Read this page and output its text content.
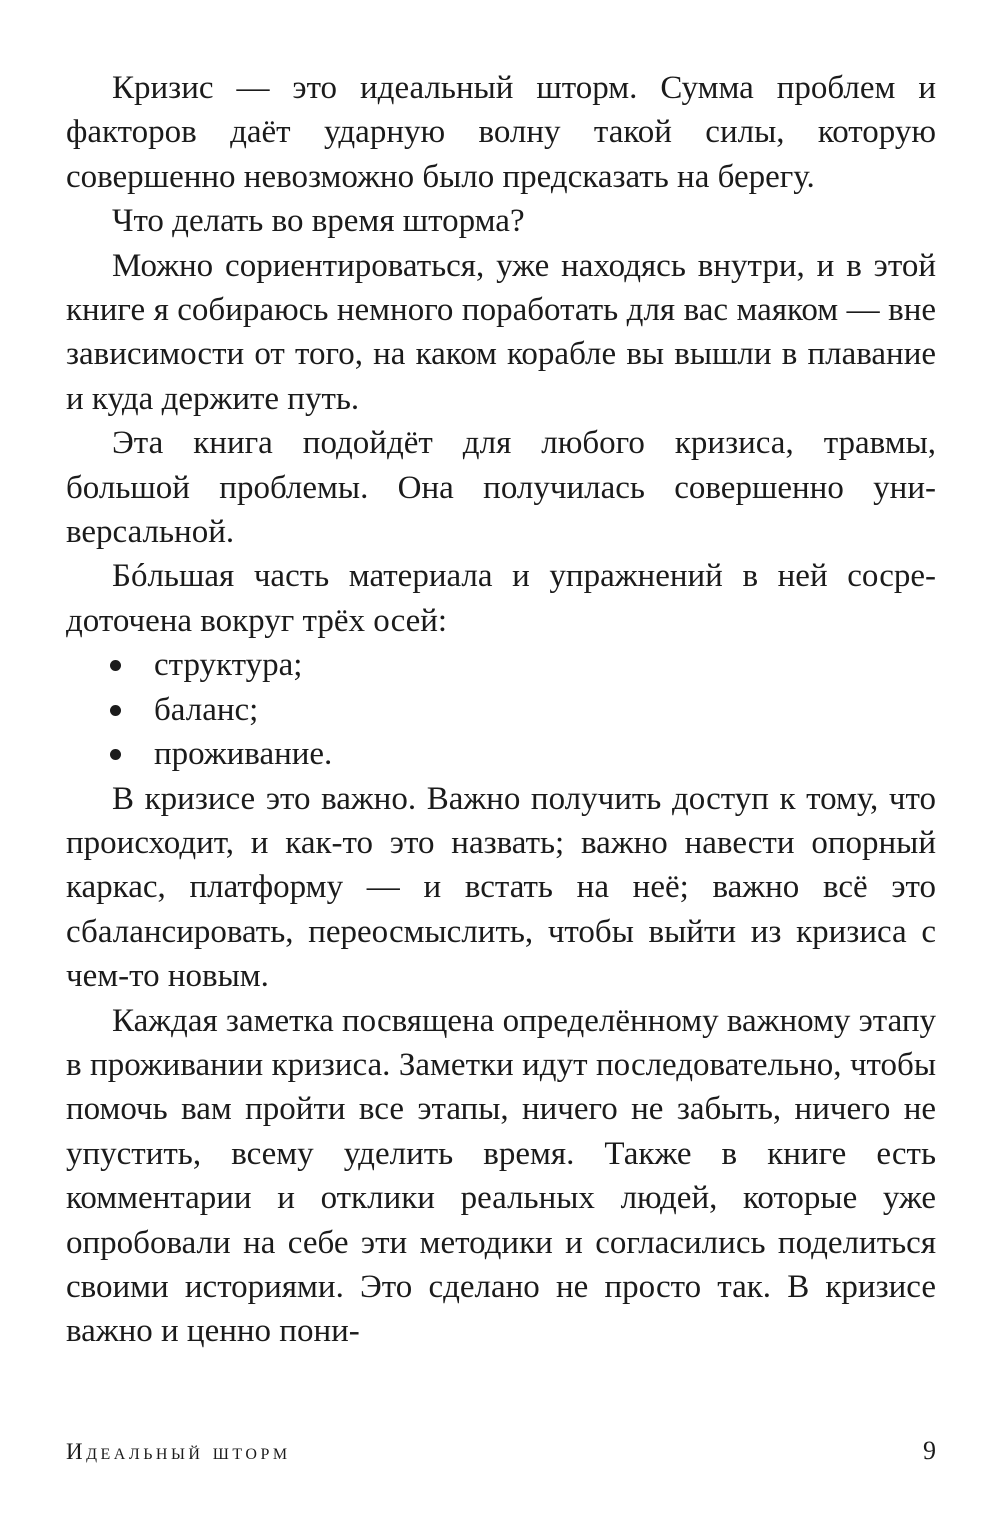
Кризис — это идеальный шторм. Сумма проблем и факторов даёт ударную волну такой силы, которую совершенно невозможно было предсказать на берегу.

Что делать во время шторма?

Можно сориентироваться, уже находясь внутри, и в этой книге я собираюсь немного поработать для вас маяком — вне зависимости от того, на каком корабле вы вышли в плавание и куда держите путь.

Эта книга подойдёт для любого кризиса, травмы, большой проблемы. Она получилась совершенно универсальной.

Бóльшая часть материала и упражнений в ней сосредоточена вокруг трёх осей:

структура;
баланс;
проживание.

В кризисе это важно. Важно получить доступ к тому, что происходит, и как-то это назвать; важно навести опорный каркас, платформу — и встать на неё; важно всё это сбалансировать, переосмыслить, чтобы выйти из кризиса с чем-то новым.

Каждая заметка посвящена определённому важному этапу в проживании кризиса. Заметки идут последовательно, чтобы помочь вам пройти все этапы, ничего не забыть, ничего не упустить, всему уделить время. Также в книге есть комментарии и отклики реальных людей, которые уже опробовали на себе эти методики и согласились поделиться своими историями. Это сделано не просто так. В кризисе важно и ценно пони-

Идеальный шторм	9
